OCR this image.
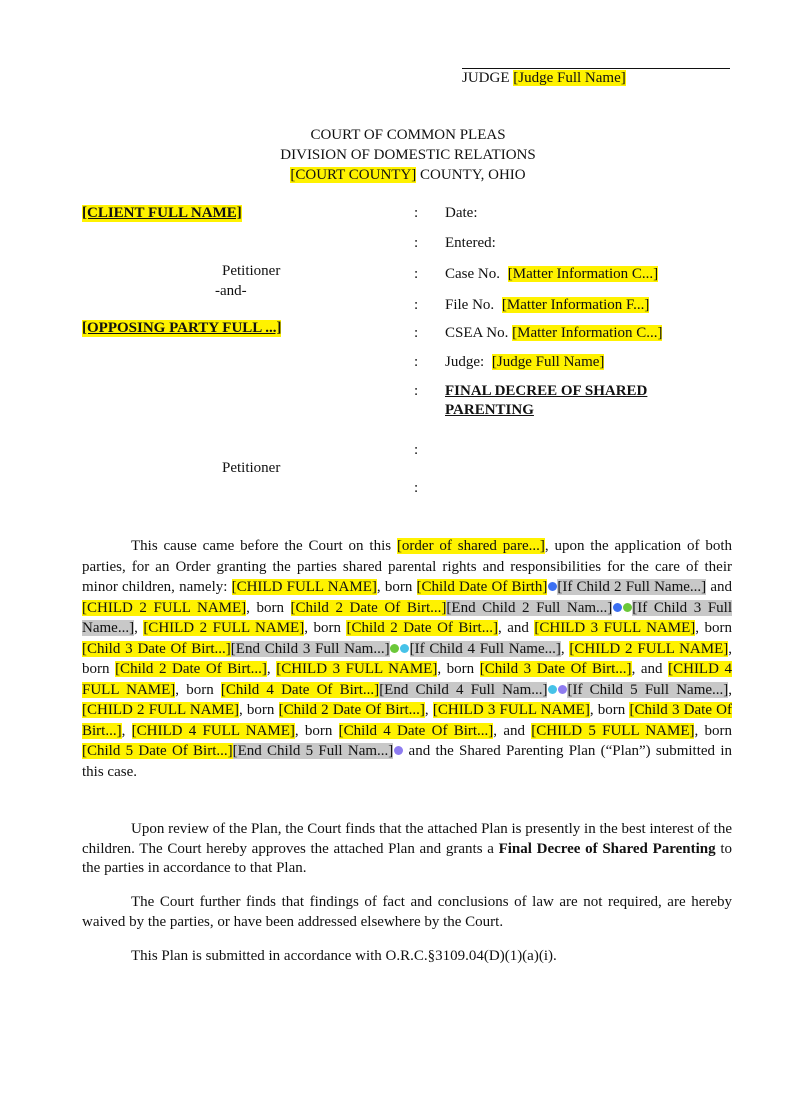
JUDGE [Judge Full Name]
COURT OF COMMON PLEAS
DIVISION OF DOMESTIC RELATIONS
[COURT COUNTY] COUNTY, OHIO
[CLIENT FULL NAME]
Petitioner
-and-
[OPPOSING PARTY FULL ...]
Petitioner
:
:
:
:
:
:
:
:
:
Date:
Entered:
Case No. [Matter Information C...]
File No. [Matter Information F...]
CSEA No. [Matter Information C...]
Judge: [Judge Full Name]
FINAL DECREE OF SHARED
PARENTING
This cause came before the Court on this [order of shared pare...], upon the application of both parties, for an Order granting the parties shared parental rights and responsibilities for the care of their minor children, namely: [CHILD FULL NAME], born [Child Date Of Birth] [If Child 2 Full Name...] and [CHILD 2 FULL NAME], born [Child 2 Date Of Birt...][End Child 2 Full Nam...] [If Child 3 Full Name...], [CHILD 2 FULL NAME], born [Child 2 Date Of Birt...], and [CHILD 3 FULL NAME], born [Child 3 Date Of Birt...][End Child 3 Full Nam...] [If Child 4 Full Name...], [CHILD 2 FULL NAME], born [Child 2 Date Of Birt...], [CHILD 3 FULL NAME], born [Child 3 Date Of Birt...], and [CHILD 4 FULL NAME], born [Child 4 Date Of Birt...][End Child 4 Full Nam...] [If Child 5 Full Name...], [CHILD 2 FULL NAME], born [Child 2 Date Of Birt...], [CHILD 3 FULL NAME], born [Child 3 Date Of Birt...], [CHILD 4 FULL NAME], born [Child 4 Date Of Birt...], and [CHILD 5 FULL NAME], born [Child 5 Date Of Birt...][End Child 5 Full Nam...] and the Shared Parenting Plan (“Plan”) submitted in this case.
Upon review of the Plan, the Court finds that the attached Plan is presently in the best interest of the children. The Court hereby approves the attached Plan and grants a Final Decree of Shared Parenting to the parties in accordance to that Plan.
The Court further finds that findings of fact and conclusions of law are not required, are hereby waived by the parties, or have been addressed elsewhere by the Court.
This Plan is submitted in accordance with O.R.C.§3109.04(D)(1)(a)(i).
